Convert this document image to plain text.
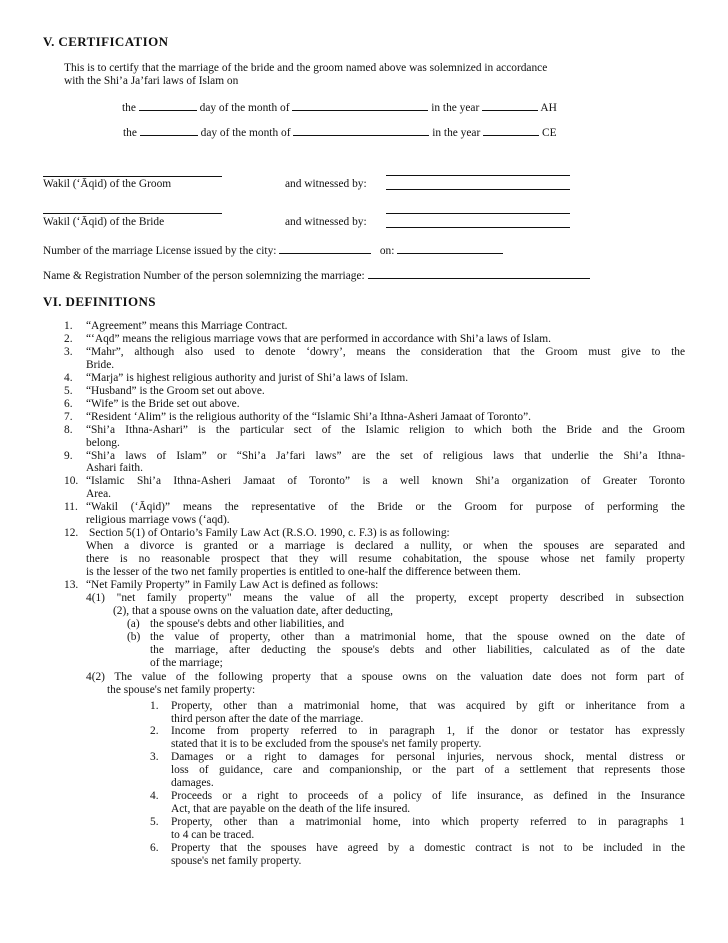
V. CERTIFICATION
This is to certify that the marriage of the bride and the groom named above was solemnized in accordance
with the Shi’a Ja’fari laws of Islam on
the	day of the month of	in the year	AH
the	day of the month of	in the year	CE
Wakil (‘Āqid) of the Groom	and witnessed by:
Wakil (‘Āqid) of the Bride	and witnessed by:
Number of the marriage License issued by the city:	on:
Name & Registration Number of the person solemnizing the marriage:
VI. DEFINITIONS
1. “Agreement” means this Marriage Contract.
2. “‘Aqd” means the religious marriage vows that are performed in accordance with Shi’a laws of Islam.
3. “Mahr”, although also used to denote ‘dowry’, means the consideration that the Groom must give to the
Bride.
4. “Marja” is highest religious authority and jurist of Shi’a laws of Islam.
5. “Husband” is the Groom set out above.
6. “Wife” is the Bride set out above.
7. “Resident ‘Alim” is the religious authority of the “Islamic Shi’a Ithna-Asheri Jamaat of Toronto”.
8. “Shi’a Ithna-Ashari” is the particular sect of the Islamic religion to which both the Bride and the Groom
belong.
9. “Shi’a laws of Islam” or “Shi’a Ja’fari laws” are the set of religious laws that underlie the Shi’a Ithna-
Ashari faith.
10. “Islamic Shi’a Ithna-Asheri Jamaat of Toronto” is a well known Shi’a organization of Greater Toronto
Area.
11. “Wakil (‘Āqid)” means the representative of the Bride or the Groom for purpose of performing the
religious marriage vows (‘aqd).
12. Section 5(1) of Ontario’s Family Law Act (R.S.O. 1990, c. F.3) is as following:
When a divorce is granted or a marriage is declared a nullity, or when the spouses are separated and
there is no reasonable prospect that they will resume cohabitation, the spouse whose net family property
is the lesser of the two net family properties is entitled to one-half the difference between them.
13. “Net Family Property” in Family Law Act is defined as follows:
4(1) "net family property" means the value of all the property, except property described in subsection
(2), that a spouse owns on the valuation date, after deducting,
(a) the spouse's debts and other liabilities, and
(b) the value of property, other than a matrimonial home, that the spouse owned on the date of
the marriage, after deducting the spouse's debts and other liabilities, calculated as of the date
of the marriage;
4(2) The value of the following property that a spouse owns on the valuation date does not form part of
the spouse's net family property:
1. Property, other than a matrimonial home, that was acquired by gift or inheritance from a
third person after the date of the marriage.
2. Income from property referred to in paragraph 1, if the donor or testator has expressly
stated that it is to be excluded from the spouse's net family property.
3. Damages or a right to damages for personal injuries, nervous shock, mental distress or
loss of guidance, care and companionship, or the part of a settlement that represents those
damages.
4. Proceeds or a right to proceeds of a policy of life insurance, as defined in the Insurance
Act, that are payable on the death of the life insured.
5. Property, other than a matrimonial home, into which property referred to in paragraphs 1
to 4 can be traced.
6. Property that the spouses have agreed by a domestic contract is not to be included in the
spouse's net family property.
